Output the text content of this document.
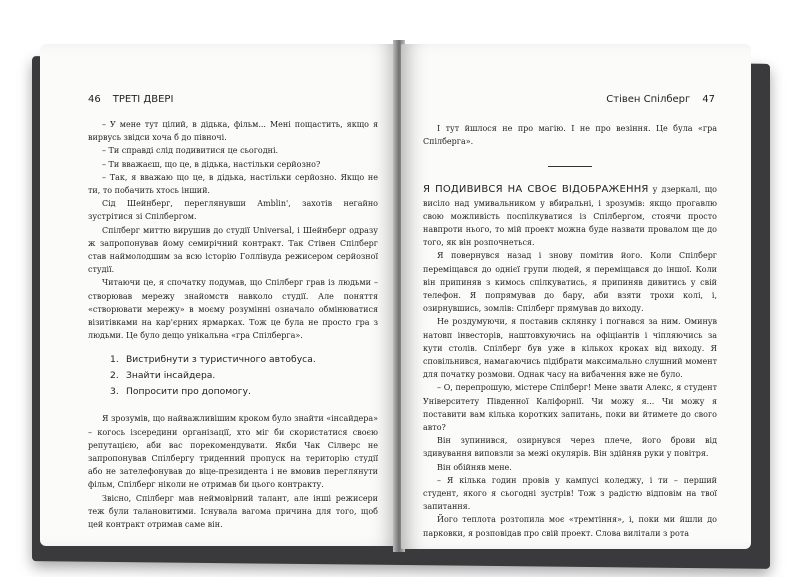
46 ТРЕТІ ДВЕРІ

– У мене тут цілий, в дідька, фільм... Мені пощастить, якщо я вирвусь звідси хоча б до півночі.

– Ти справді слід подивитися це сьогодні.

– Ти вважаєш, що це, в дідька, настільки серйозно?

– Так, я вважаю що це, в дідька, настільки серйозно. Якщо не ти, то побачить хтось інший.

Сід Шейнберг, переглянувши Amblin', захотів негайно зустрітися зі Спілбергом.

Спілберг миттю вирушив до студії Universal, і Шейнберг одразу ж запропонував йому семирічний контракт. Так Стівен Спілберг став наймолодшим за всю історію Голлівуда режисером серйозної студії.

Читаючи це, я спочатку подумав, що Спілберг грав із людьми – створював мережу знайомств навколо студії. Але поняття «створювати мережу» в моєму розумінні означало обмінюватися візитівками на кар'єрних ярмарках. Тож це була не просто гра з людьми. Це було дещо унікальна «гра Спілберга».

1. Вистрибнути з туристичного автобуса.
2. Знайти інсайдера.
3. Попросити про допомогу.

Я зрозумів, що найважливішим кроком було знайти «інсайдера» – когось ізсередини організації, хто міг би скористатися своєю репутацією, аби вас порекомендувати. Якби Чак Сілверс не запропонував Спілбергу триденний пропуск на територію студії або не зателефонував до віце-президента і не вмовив переглянути фільм, Спілберг ніколи не отримав би цього контракту.

Звісно, Спілберг мав неймовірний талант, але інші режисери теж були талановитими. Існувала вагома причина для того, щоб цей контракт отримав саме він.

Стівен Спілберг 47

І тут йшлося не про магію. І не про везіння. Це була «гра Спілберга».

Я ПОДИВИВСЯ НА СВОЄ ВІДОБРАЖЕННЯ у дзеркалі, що висіло над умивальником у вбиральні, і зрозумів: якщо прогавлю свою можливість поспілкуватися із Спілбергом, стоячи просто навпроти нього, то мій проект можна буде назвати провалом ще до того, як він розпочнеться.

Я повернувся назад і знову помітив його. Коли Спілберг переміщався до однієї групи людей, я переміщався до іншої. Коли він припиняв з кимось спілкуватись, я припиняв дивитись у свій телефон. Я попрямував до бару, аби взяти трохи колі, і, озирнувшись, зомлів: Спілберг прямував до виходу.

Не роздумуючи, я поставив склянку і погнався за ним. Оминув натовп інвесторів, наштовхуючись на офіціантів і чіпляючись за кути столів. Спілберг був уже в кількох кроках від виходу. Я сповільнився, намагаючись підібрати максимально слушний момент для початку розмови. Однак часу на вибачення вже не було.

– О, перепрошую, містере Спілберг! Мене звати Алекс, я студент Університету Південної Каліфорнії. Чи можу я... Чи можу я поставити вам кілька коротких запитань, поки ви йтимете до свого авто?

Він зупинився, озирнувся через плече, його брови від здивування виповзли за межі окулярів. Він здійняв руки у повітря.

Він обійняв мене.

– Я кілька годин провів у кампусі коледжу, і ти – перший студент, якого я сьогодні зустрів! Тож з радістю відповім на твої запитання.

Його теплота розтопила моє «тремтіння», і, поки ми йшли до парковки, я розповідав про свій проект. Слова вилітали з рота
